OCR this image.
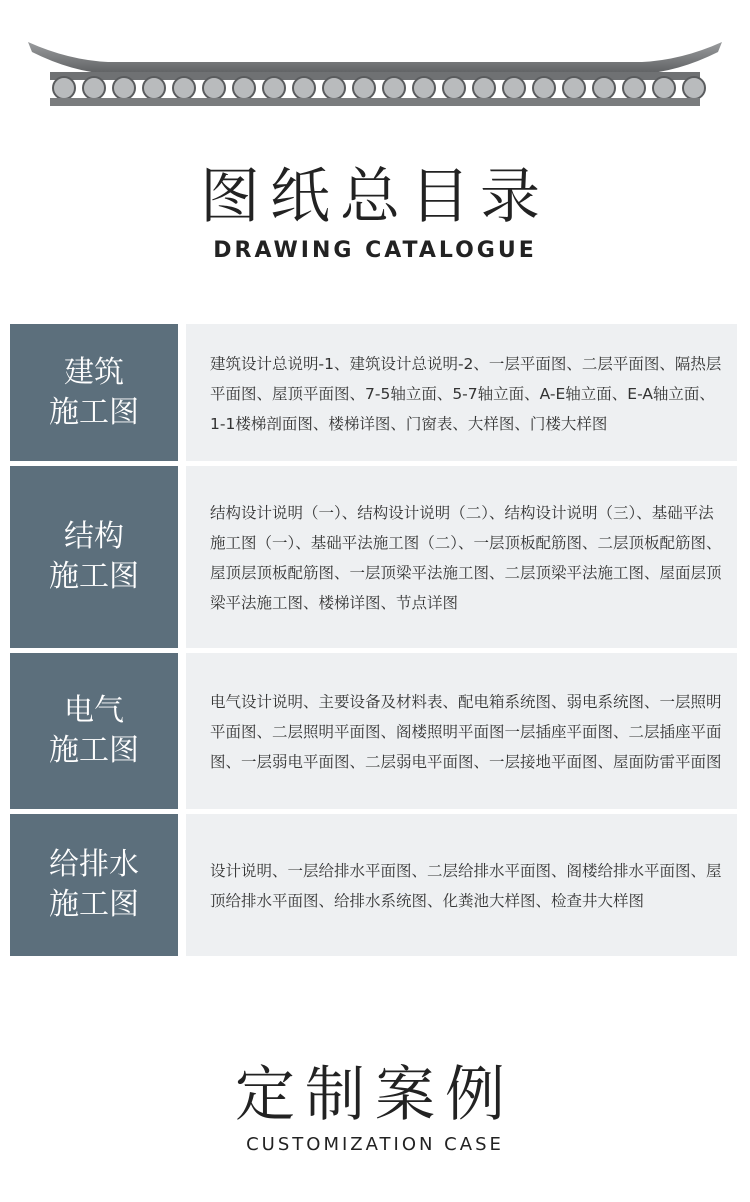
图纸总目录
DRAWING CATALOGUE
建筑
施工图
建筑设计总说明-1、建筑设计总说明-2、一层平面图、二层平面图、隔热层平面图、屋顶平面图、7-5轴立面、5-7轴立面、A-E轴立面、E-A轴立面、1-1楼梯剖面图、楼梯详图、门窗表、大样图、门楼大样图
结构
施工图
结构设计说明（一）、结构设计说明（二）、结构设计说明（三）、基础平法施工图（一）、基础平法施工图（二）、一层顶板配筋图、二层顶板配筋图、屋顶层顶板配筋图、一层顶梁平法施工图、二层顶梁平法施工图、屋面层顶梁平法施工图、楼梯详图、节点详图
电气
施工图
电气设计说明、主要设备及材料表、配电箱系统图、弱电系统图、一层照明平面图、二层照明平面图、阁楼照明平面图一层插座平面图、二层插座平面图、一层弱电平面图、二层弱电平面图、一层接地平面图、屋面防雷平面图
给排水
施工图
设计说明、一层给排水平面图、二层给排水平面图、阁楼给排水平面图、屋顶给排水平面图、给排水系统图、化粪池大样图、检查井大样图
定制案例
CUSTOMIZATION CASE
